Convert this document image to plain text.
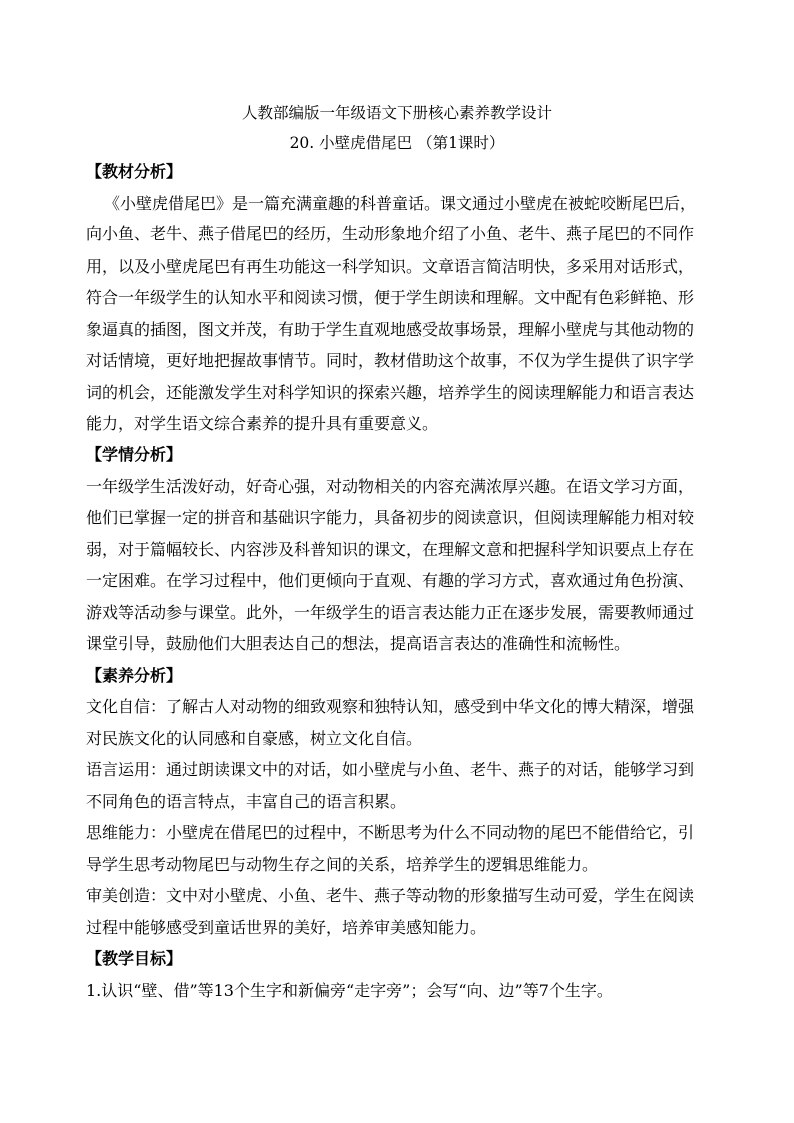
人教部编版一年级语文下册核心素养教学设计
20. 小壁虎借尾巴 （第1课时）
【教材分析】
《小壁虎借尾巴》是一篇充满童趣的科普童话。课文通过小壁虎在被蛇咬断尾巴后，
向小鱼、老牛、燕子借尾巴的经历，生动形象地介绍了小鱼、老牛、燕子尾巴的不同作
用，以及小壁虎尾巴有再生功能这一科学知识。文章语言简洁明快，多采用对话形式，
符合一年级学生的认知水平和阅读习惯，便于学生朗读和理解。文中配有色彩鲜艳、形
象逼真的插图，图文并茂，有助于学生直观地感受故事场景，理解小壁虎与其他动物的
对话情境，更好地把握故事情节。同时，教材借助这个故事，不仅为学生提供了识字学
词的机会，还能激发学生对科学知识的探索兴趣，培养学生的阅读理解能力和语言表达
能力，对学生语文综合素养的提升具有重要意义。
【学情分析】
一年级学生活泼好动，好奇心强，对动物相关的内容充满浓厚兴趣。在语文学习方面，
他们已掌握一定的拼音和基础识字能力，具备初步的阅读意识，但阅读理解能力相对较
弱，对于篇幅较长、内容涉及科普知识的课文，在理解文意和把握科学知识要点上存在
一定困难。在学习过程中，他们更倾向于直观、有趣的学习方式，喜欢通过角色扮演、
游戏等活动参与课堂。此外，一年级学生的语言表达能力正在逐步发展，需要教师通过
课堂引导，鼓励他们大胆表达自己的想法，提高语言表达的准确性和流畅性。
【素养分析】
文化自信：了解古人对动物的细致观察和独特认知，感受到中华文化的博大精深，增强
对民族文化的认同感和自豪感，树立文化自信。
语言运用：通过朗读课文中的对话，如小壁虎与小鱼、老牛、燕子的对话，能够学习到
不同角色的语言特点，丰富自己的语言积累。
思维能力：小壁虎在借尾巴的过程中，不断思考为什么不同动物的尾巴不能借给它，引
导学生思考动物尾巴与动物生存之间的关系，培养学生的逻辑思维能力。
审美创造：文中对小壁虎、小鱼、老牛、燕子等动物的形象描写生动可爱，学生在阅读
过程中能够感受到童话世界的美好，培养审美感知能力。
【教学目标】
1.认识“壁、借”等13个生字和新偏旁“走字旁”；会写“向、边”等7个生字。
